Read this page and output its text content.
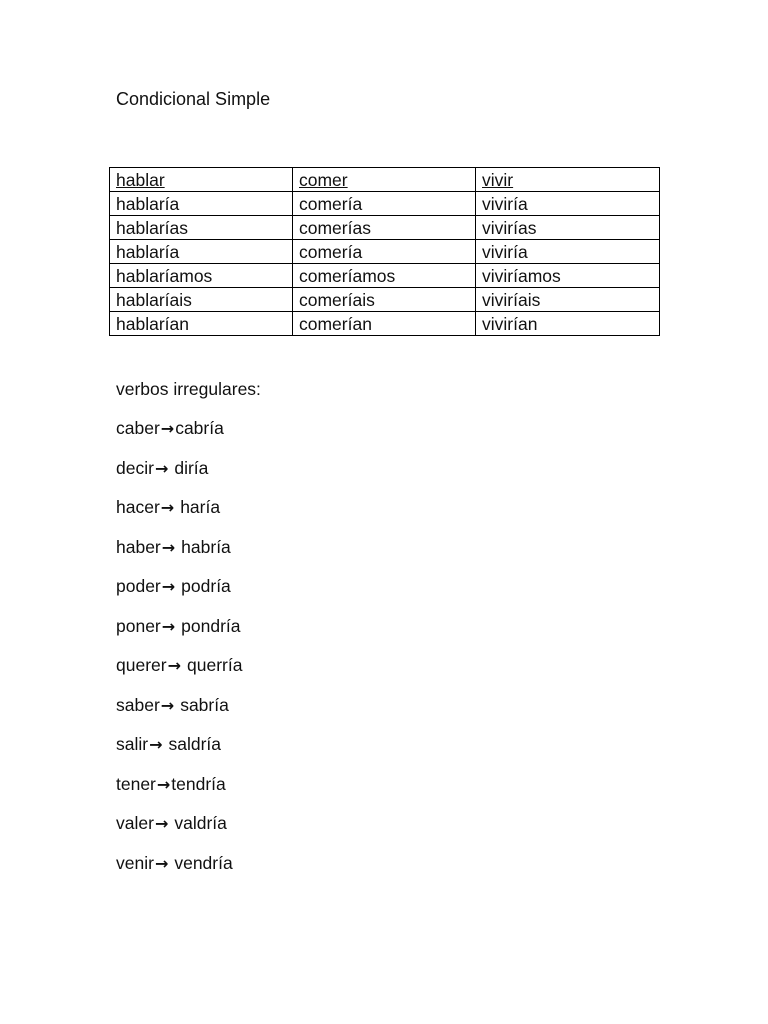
Condicional Simple
hablar	comer	vivir
hablaría	comería	viviría
hablarías	comerías	vivirías
hablaría	comería	viviría
hablaríamos	comeríamos	viviríamos
hablaríais	comeríais	viviríais
hablarían	comerían	vivirían

verbos irregulares:

caber→cabría
decir→ diría
hacer→ haría
haber→ habría
poder→ podría
poner→ pondría
querer→ querría
saber→ sabría
salir→ saldría
tener→tendría
valer→ valdría
venir→ vendría
